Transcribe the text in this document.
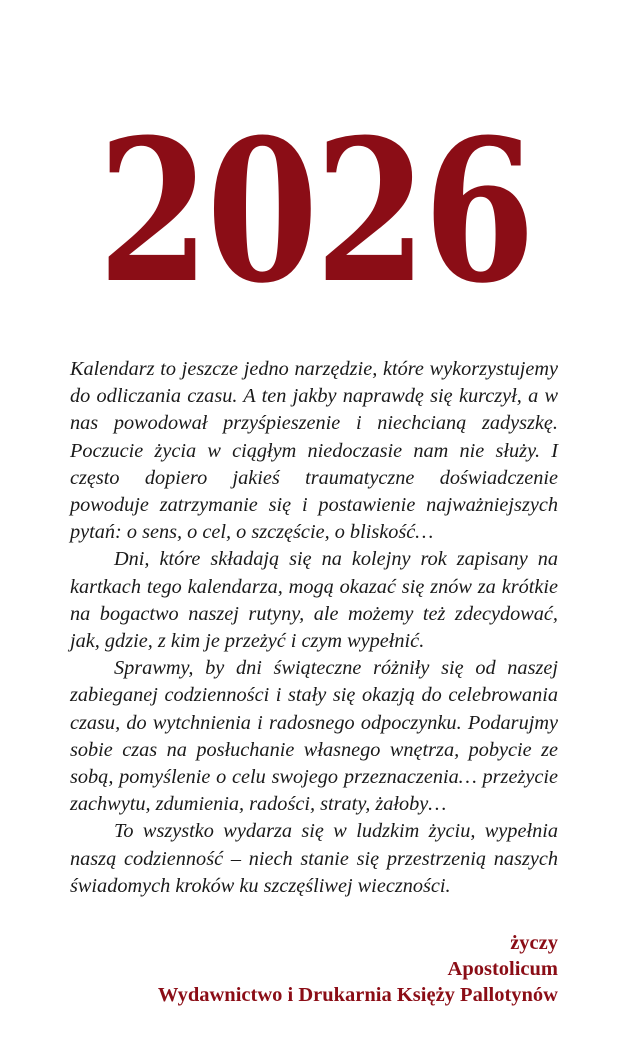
2026

Kalendarz to jeszcze jedno narzędzie, które wykorzystujemy do odliczania czasu. A ten jakby naprawdę się kurczył, a w nas powodował przyśpieszenie i niechcianą zadyszkę. Poczucie życia w ciągłym niedoczasie nam nie służy. I często dopiero jakieś traumatyczne doświadczenie powoduje zatrzymanie się i postawienie najważniejszych pytań: o sens, o cel, o szczęście, o bliskość…

Dni, które składają się na kolejny rok zapisany na kartkach tego kalendarza, mogą okazać się znów za krótkie na bogactwo naszej rutyny, ale możemy też zdecydować, jak, gdzie, z kim je przeżyć i czym wypełnić.

Sprawmy, by dni świąteczne różniły się od naszej zabieganej codzienności i stały się okazją do celebrowania czasu, do wytchnienia i radosnego odpoczynku. Podarujmy sobie czas na posłuchanie własnego wnętrza, pobycie ze sobą, pomyślenie o celu swojego przeznaczenia… przeżycie zachwytu, zdumienia, radości, straty, żałoby…

To wszystko wydarza się w ludzkim życiu, wypełnia naszą codzienność – niech stanie się przestrzenią naszych świadomych kroków ku szczęśliwej wieczności.

życzy
Apostolicum
Wydawnictwo i Drukarnia Księży Pallotynów
